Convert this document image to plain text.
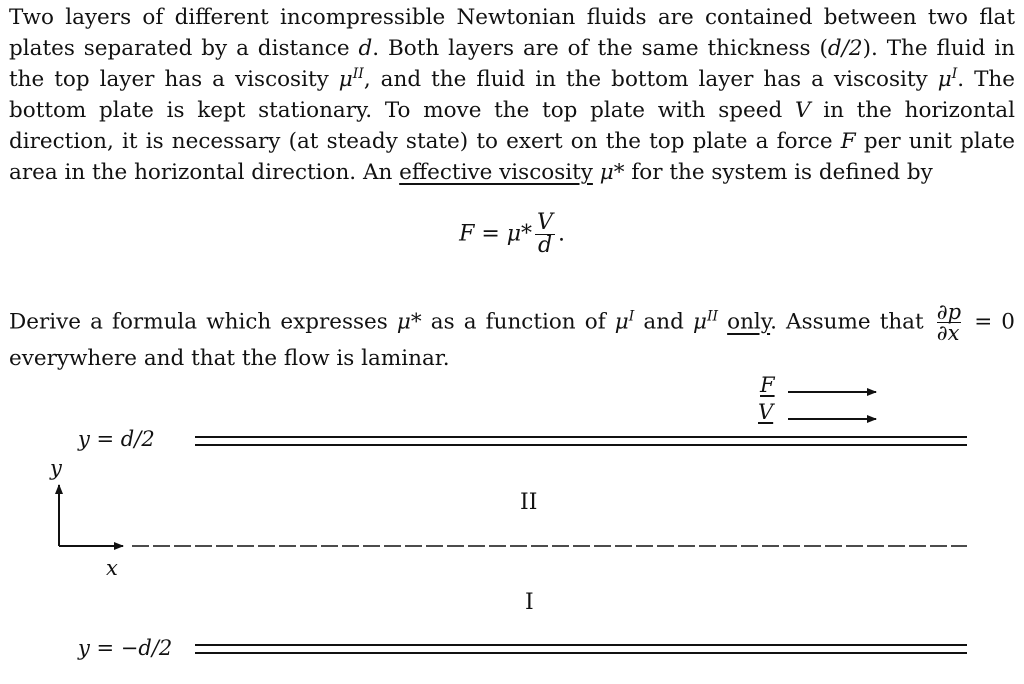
Two layers of different incompressible Newtonian fluids are contained between two flat plates separated by a distance d. Both layers are of the same thickness (d/2). The fluid in the top layer has a viscosity $\mu^{II}$, and the fluid in the bottom layer has a viscosity $\mu^I$. The bottom plate is kept stationary. To move the top plate with speed V in the horizontal direction, it is necessary (at steady state) to exert on the top plate a force F per unit plate area in the horizontal direction. An effective viscosity μ* for the system is defined by
$F = \mu* \frac{V}{d}$ .
Derive a formula which expresses μ* as a function of $\mu^I$ and $\mu^{II}$ only. Assume that $\frac{\partial p}{\partial x} = 0$ everywhere and that the flow is laminar.
y = d/2
y = −d/2
y
x
II
I
F
V
